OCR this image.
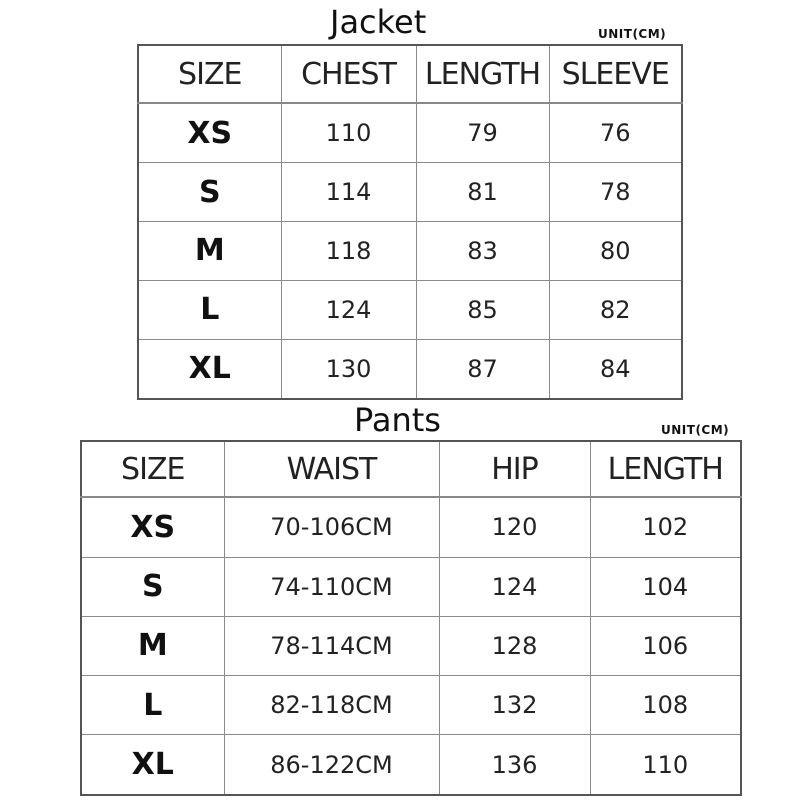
Jacket	UNIT(CM)
SIZE	CHEST	LENGTH	SLEEVE
XS	110	79	76
S	114	81	78
M	118	83	80
L	124	85	82
XL	130	87	84
Pants	UNIT(CM)
SIZE	WAIST	HIP	LENGTH
XS	70-106CM	120	102
S	74-110CM	124	104
M	78-114CM	128	106
L	82-118CM	132	108
XL	86-122CM	136	110
